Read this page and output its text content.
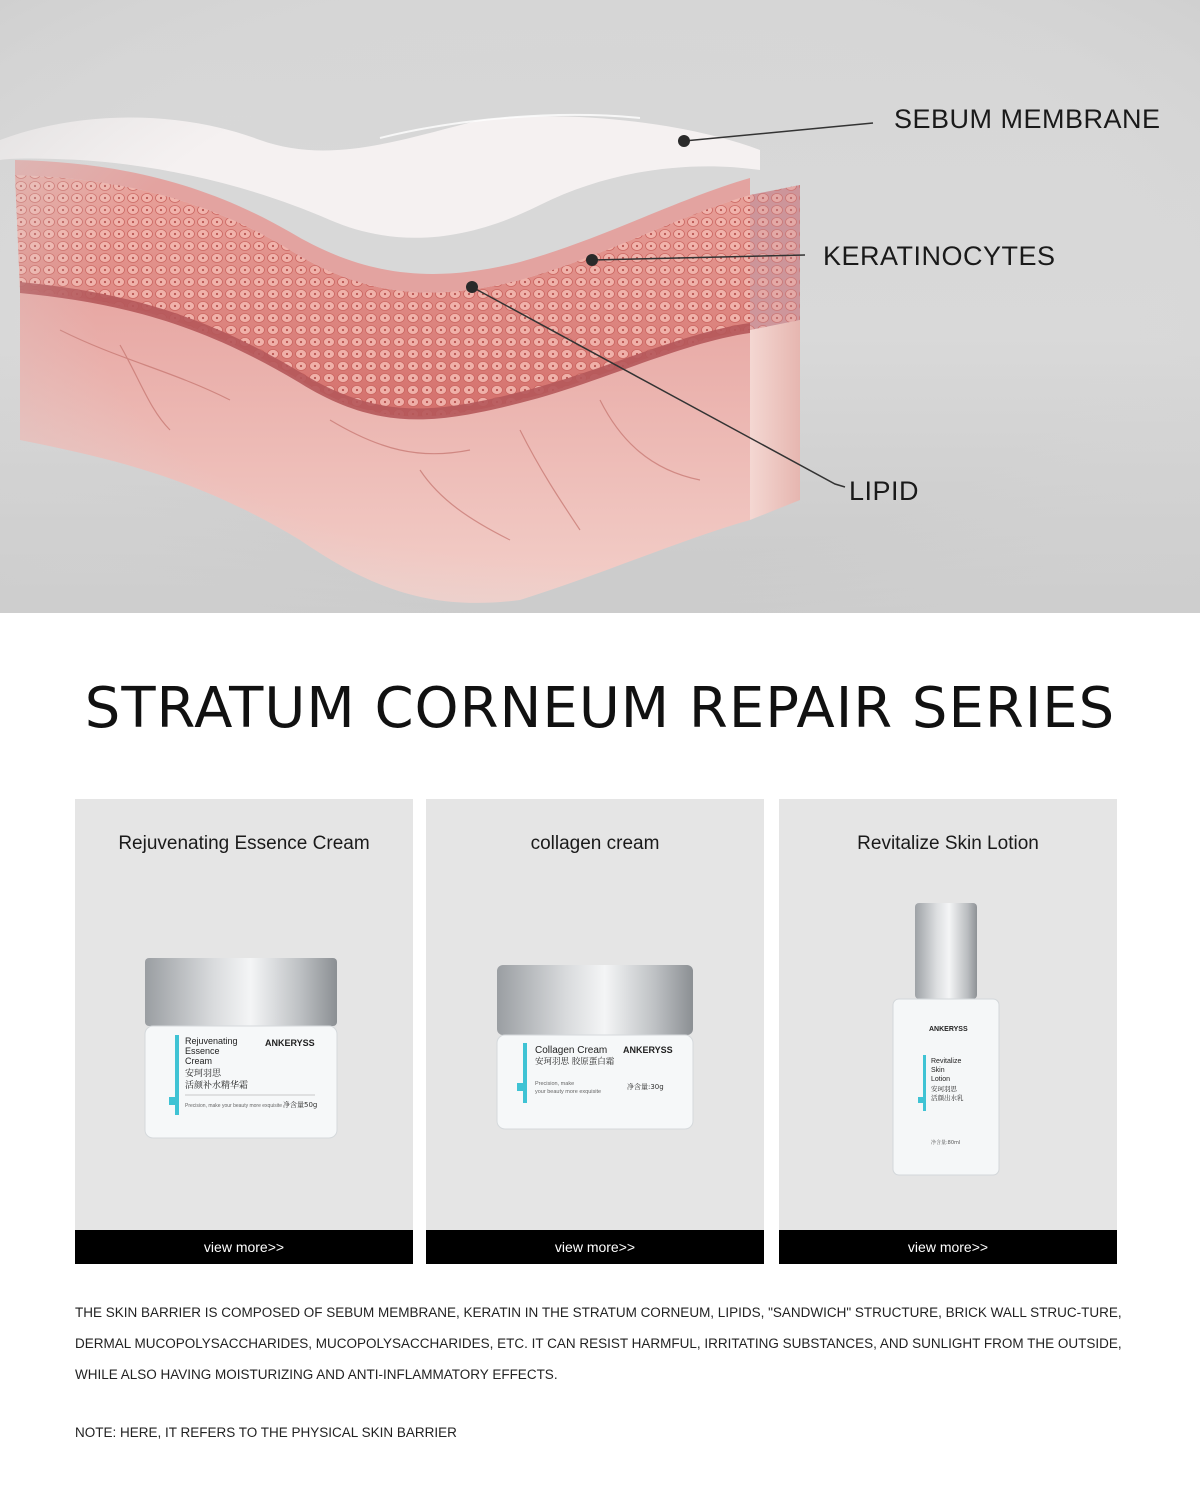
SEBUM MEMBRANE
KERATINOCYTES
LIPID
STRATUM CORNEUM REPAIR SERIES
Rejuvenating Essence Cream
Rejuvenating
Essence
Cream
安珂羽思
活颜补水精华霜
ANKERYSS
Precision, make your beauty more exquisite 净含量50g
view more>>
collagen cream
Collagen Cream
安珂羽思 胶原蛋白霜
ANKERYSS
Precision, make
your beauty more exquisite
净含量:30g
view more>>
Revitalize Skin Lotion
ANKERYSS
Revitalize
Skin
Lotion
安珂羽思
活颜出水乳
净含量:80ml
view more>>
THE SKIN BARRIER IS COMPOSED OF SEBUM MEMBRANE, KERATIN IN THE STRATUM CORNEUM, LIPIDS, "SANDWICH" STRUCTURE, BRICK WALL STRUC-TURE, DERMAL MUCOPOLYSACCHARIDES, MUCOPOLYSACCHARIDES, ETC. IT CAN RESIST HARMFUL, IRRITATING SUBSTANCES, AND SUNLIGHT FROM THE OUTSIDE, WHILE ALSO HAVING MOISTURIZING AND ANTI-INFLAMMATORY EFFECTS.
NOTE: HERE, IT REFERS TO THE PHYSICAL SKIN BARRIER
